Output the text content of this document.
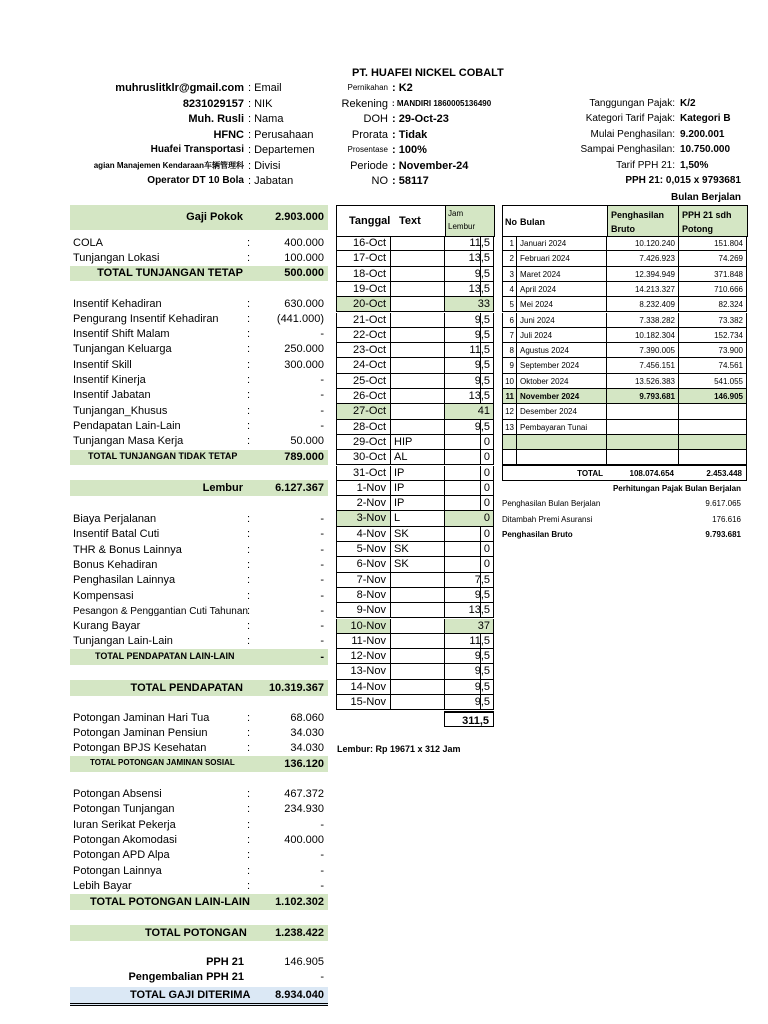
PT. HUAFEI NICKEL COBALT
muhruslitklr@gmail.com : Email
8231029157 : NIK
Muh. Rusli : Nama
HFNC : Perusahaan
Huafei Transportasi : Departemen
agian Manajemen Kendaraan车辆管理科 : Divisi
Operator DT 10 Bola : Jabatan
Pernikahan : K2
Rekening : MANDIRI 1860005136490
DOH : 29-Oct-23
Prorata : Tidak
Prosentase : 100%
Periode : November-24
NO : 58117
Tanggungan Pajak: K/2
Kategori Tarif Pajak: Kategori B
Mulai Penghasilan: 9.200.001
Sampai Penghasilan: 10.750.000
Tarif PPH 21: 1,50%
PPH 21: 0,015 x 9793681
Gaji Pokok	2.903.000
COLA	:	400.000
Tunjangan Lokasi	:	100.000
TOTAL TUNJANGAN TETAP	500.000
Insentif Kehadiran	:	630.000
Pengurang Insentif Kehadiran	: (441.000)
Insentif Shift Malam	:	-
Tunjangan Keluarga	:	250.000
Insentif Skill	:	300.000
Insentif Kinerja	:	-
Insentif Jabatan	:	-
Tunjangan_Khusus	:	-
Pendapatan Lain-Lain	:	-
Tunjangan Masa Kerja	:	50.000
TOTAL TUNJANGAN TIDAK TETAP	789.000
Lembur	6.127.367
Biaya Perjalanan	:	-
Insentif Batal Cuti	:	-
THR & Bonus Lainnya	:	-
Bonus Kehadiran	:	-
Penghasilan Lainnya	:	-
Kompensasi	:	-
Pesangon & Penggantian Cuti Tahunan :	-
Kurang Bayar	:	-
Tunjangan Lain-Lain	:	-
TOTAL PENDAPATAN LAIN-LAIN	-
TOTAL PENDAPATAN 10.319.367
Potongan Jaminan Hari Tua	:	68.060
Potongan Jaminan Pensiun	:	34.030
Potongan BPJS Kesehatan	:	34.030
TOTAL POTONGAN JAMINAN SOSIAL	136.120
Potongan Absensi	:	467.372
Potongan Tunjangan	:	234.930
Iuran Serikat Pekerja	:	-
Potongan Akomodasi	:	400.000
Potongan APD Alpa	:	-
Potongan Lainnya	:	-
Lebih Bayar	:	-
TOTAL POTONGAN LAIN-LAIN 1.102.302
TOTAL POTONGAN	1.238.422
PPH 21	146.905
Pengembalian PPH 21	-
TOTAL GAJI DITERIMA 8.934.040
Tanggal Text
Jam Lembur
16-Oct	11,5
17-Oct	13,5
18-Oct	9,5
19-Oct	13,5
20-Oct	33
21-Oct	9,5
22-Oct	9,5
23-Oct	11,5
24-Oct	9,5
25-Oct	9,5
26-Oct	13,5
27-Oct	41
28-Oct	9,5
29-Oct HIP	0
30-Oct AL	0
31-Oct IP	0
1-Nov IP	0
2-Nov IP	0
3-Nov L	0
4-Nov SK	0
5-Nov SK	0
6-Nov SK	0
7-Nov	7,5
8-Nov	9,5
9-Nov	13,5
10-Nov	37
11-Nov	11,5
12-Nov	9,5
13-Nov	9,5
14-Nov	9,5
15-Nov	9,5
311,5
Lembur: Rp 19671 x 312 Jam
Bulan Berjalan
No Bulan
Penghasilan Bruto
PPH 21 sdh Potong
1 Januari 2024	10.120.240	151.804
2 Februari 2024	7.426.923	74.269
3 Maret 2024	12.394.949	371.848
4 April 2024	14.213.327	710.666
5 Mei 2024	8.232.409	82.324
6 Juni 2024	7.338.282	73.382
7 Juli 2024	10.182.304	152.734
8 Agustus 2024	7.390.005	73.900
9 September 2024	7.456.151	74.561
10 Oktober 2024	13.526.383	541.055
11 November 2024	9.793.681	146.905
12 Desember 2024
13 Pembayaran Tunai
TOTAL	108.074.654	2.453.448
Perhitungan Pajak Bulan Berjalan
Penghasilan Bulan Berjalan	9.617.065
Ditambah Premi Asuransi	176.616
Penghasilan Bruto	9.793.681
